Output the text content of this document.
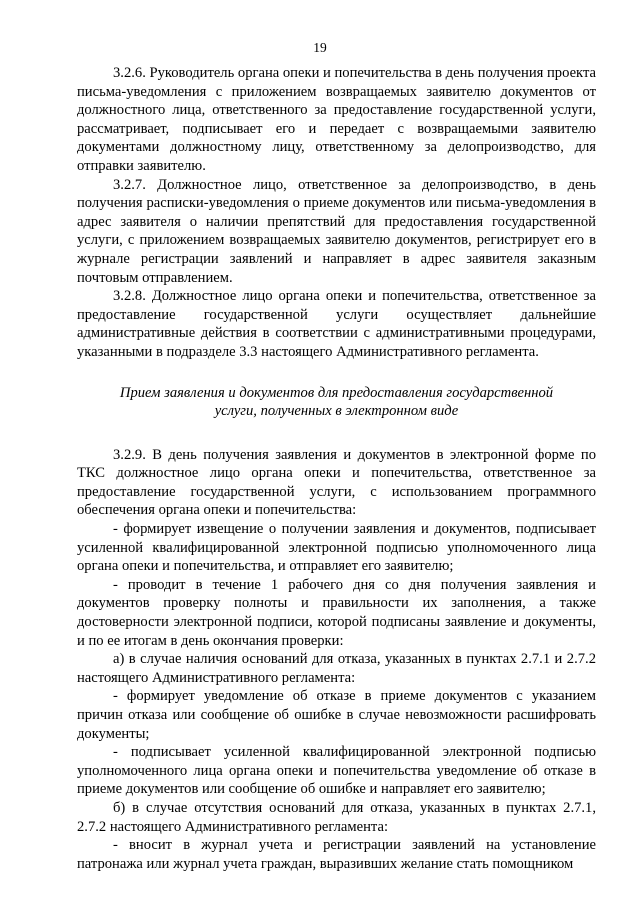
19

3.2.6. Руководитель органа опеки и попечительства в день получения проекта письма-уведомления с приложением возвращаемых заявителю документов от должностного лица, ответственного за предоставление государственной услуги, рассматривает, подписывает его и передает с возвращаемыми заявителю документами должностному лицу, ответственному за делопроизводство, для отправки заявителю.

3.2.7. Должностное лицо, ответственное за делопроизводство, в день получения расписки-уведомления о приеме документов или письма-уведомления в адрес заявителя о наличии препятствий для предоставления государственной услуги, с приложением возвращаемых заявителю документов, регистрирует его в журнале регистрации заявлений и направляет в адрес заявителя заказным почтовым отправлением.

3.2.8. Должностное лицо органа опеки и попечительства, ответственное за предоставление государственной услуги осуществляет дальнейшие административные действия в соответствии с административными процедурами, указанными в подразделе 3.3 настоящего Административного регламента.

Прием заявления и документов для предоставления государственной
услуги, полученных в электронном виде

3.2.9. В день получения заявления и документов в электронной форме по ТКС должностное лицо органа опеки и попечительства, ответственное за предоставление государственной услуги, с использованием программного обеспечения органа опеки и попечительства:

- формирует извещение о получении заявления и документов, подписывает усиленной квалифицированной электронной подписью уполномоченного лица органа опеки и попечительства, и отправляет его заявителю;

- проводит в течение 1 рабочего дня со дня получения заявления и документов проверку полноты и правильности их заполнения, а также достоверности электронной подписи, которой подписаны заявление и документы, и по ее итогам в день окончания проверки:

а) в случае наличия оснований для отказа, указанных в пунктах 2.7.1 и 2.7.2 настоящего Административного регламента:

- формирует уведомление об отказе в приеме документов с указанием причин отказа или сообщение об ошибке в случае невозможности расшифровать документы;

- подписывает усиленной квалифицированной электронной подписью уполномоченного лица органа опеки и попечительства уведомление об отказе в приеме документов или сообщение об ошибке и направляет его заявителю;

б) в случае отсутствия оснований для отказа, указанных в пунктах 2.7.1, 2.7.2 настоящего Административного регламента:

- вносит в журнал учета и регистрации заявлений на установление патронажа или журнал учета граждан, выразивших желание стать помощником
